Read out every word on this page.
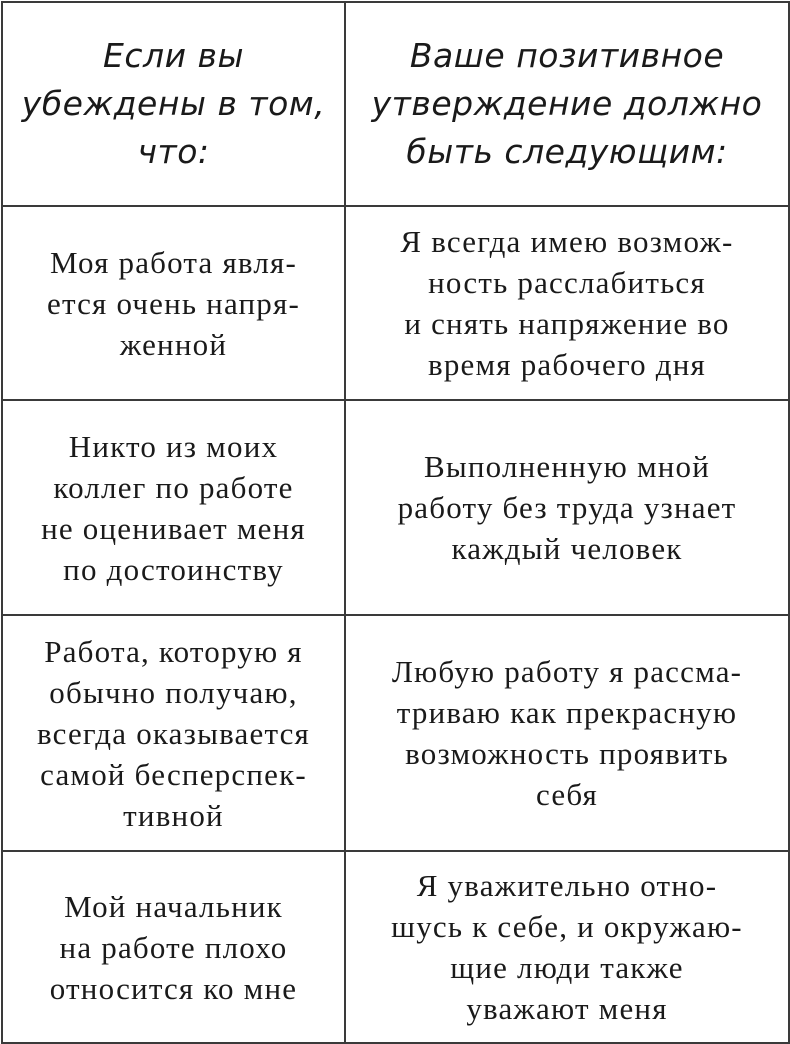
Если вы
убеждены в том,
что:	Ваше позитивное
утверждение должно
быть следующим:

Моя работа явля-
ется очень напря-
женной	Я всегда имею возмож-
ность расслабиться
и снять напряжение во
время рабочего дня

Никто из моих
коллег по работе
не оценивает меня
по достоинству	Выполненную мной
работу без труда узнает
каждый человек

Работа, которую я
обычно получаю,
всегда оказывается
самой бесперспек-
тивной	Любую работу я рассма-
триваю как прекрасную
возможность проявить
себя

Мой начальник
на работе плохо
относится ко мне	Я уважительно отно-
шусь к себе, и окружаю-
щие люди также
уважают меня
